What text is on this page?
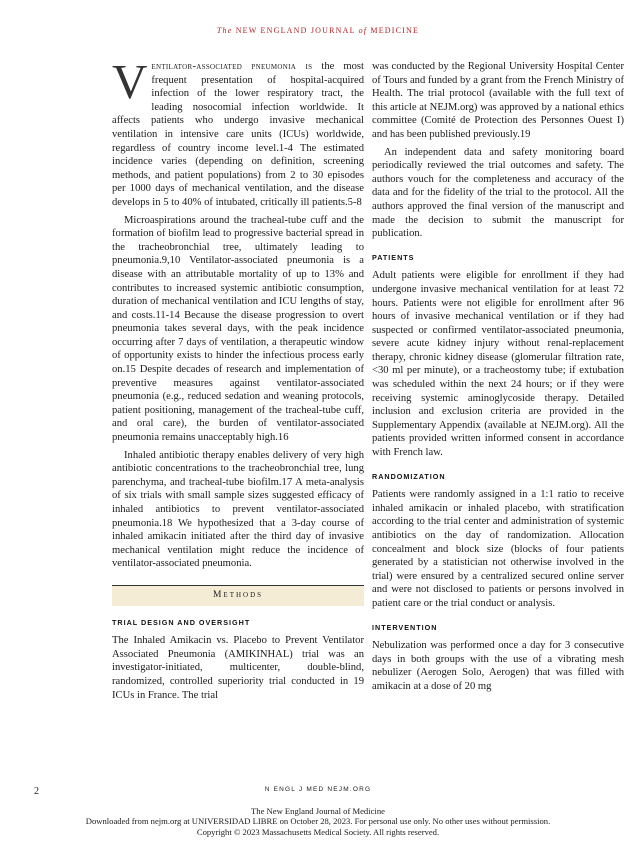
The NEW ENGLAND JOURNAL of MEDICINE

Ventilator-associated pneumonia is the most frequent presentation of hospital-acquired infection of the lower respiratory tract, the leading nosocomial infection worldwide. It affects patients who undergo invasive mechanical ventilation in intensive care units (ICUs) worldwide, regardless of country income level.1-4 The estimated incidence varies (depending on definition, screening methods, and patient populations) from 2 to 30 episodes per 1000 days of mechanical ventilation, and the disease develops in 5 to 40% of intubated, critically ill patients.5-8

Microaspirations around the tracheal-tube cuff and the formation of biofilm lead to progressive bacterial spread in the tracheobronchial tree, ultimately leading to pneumonia.9,10 Ventilator-associated pneumonia is a disease with an attributable mortality of up to 13% and contributes to increased systemic antibiotic consumption, duration of mechanical ventilation and ICU lengths of stay, and costs.11-14 Because the disease progression to overt pneumonia takes several days, with the peak incidence occurring after 7 days of ventilation, a therapeutic window of opportunity exists to hinder the infectious process early on.15 Despite decades of research and implementation of preventive measures against ventilator-associated pneumonia (e.g., reduced sedation and weaning protocols, patient positioning, management of the tracheal-tube cuff, and oral care), the burden of ventilator-associated pneumonia remains unacceptably high.16

Inhaled antibiotic therapy enables delivery of very high antibiotic concentrations to the tracheobronchial tree, lung parenchyma, and tracheal-tube biofilm.17 A meta-analysis of six trials with small sample sizes suggested efficacy of inhaled antibiotics to prevent ventilator-associated pneumonia.18 We hypothesized that a 3-day course of inhaled amikacin initiated after the third day of invasive mechanical ventilation might reduce the incidence of ventilator-associated pneumonia.

Methods
TRIAL DESIGN AND OVERSIGHT

The Inhaled Amikacin vs. Placebo to Prevent Ventilator Associated Pneumonia (AMIKINHAL) trial was an investigator-initiated, multicenter, double-blind, randomized, controlled superiority trial conducted in 19 ICUs in France. The trial

was conducted by the Regional University Hospital Center of Tours and funded by a grant from the French Ministry of Health. The trial protocol (available with the full text of this article at NEJM.org) was approved by a national ethics committee (Comité de Protection des Personnes Ouest I) and has been published previously.19

An independent data and safety monitoring board periodically reviewed the trial outcomes and safety. The authors vouch for the completeness and accuracy of the data and for the fidelity of the trial to the protocol. All the authors approved the final version of the manuscript and made the decision to submit the manuscript for publication.

PATIENTS

Adult patients were eligible for enrollment if they had undergone invasive mechanical ventilation for at least 72 hours. Patients were not eligible for enrollment after 96 hours of invasive mechanical ventilation or if they had suspected or confirmed ventilator-associated pneumonia, severe acute kidney injury without renal-replacement therapy, chronic kidney disease (glomerular filtration rate, <30 ml per minute), or a tracheostomy tube; if extubation was scheduled within the next 24 hours; or if they were receiving systemic aminoglycoside therapy. Detailed inclusion and exclusion criteria are provided in the Supplementary Appendix (available at NEJM.org). All the patients provided written informed consent in accordance with French law.

RANDOMIZATION

Patients were randomly assigned in a 1:1 ratio to receive inhaled amikacin or inhaled placebo, with stratification according to the trial center and administration of systemic antibiotics on the day of randomization. Allocation concealment and block size (blocks of four patients generated by a statistician not otherwise involved in the trial) were ensured by a centralized secured online server and were not disclosed to patients or persons involved in patient care or the trial conduct or analysis.

INTERVENTION

Nebulization was performed once a day for 3 consecutive days in both groups with the use of a vibrating mesh nebulizer (Aerogen Solo, Aerogen) that was filled with amikacin at a dose of 20 mg

2	N ENGL J MED NEJM.ORG
The New England Journal of Medicine
Downloaded from nejm.org at UNIVERSIDAD LIBRE on October 28, 2023. For personal use only. No other uses without permission.
Copyright © 2023 Massachusetts Medical Society. All rights reserved.
